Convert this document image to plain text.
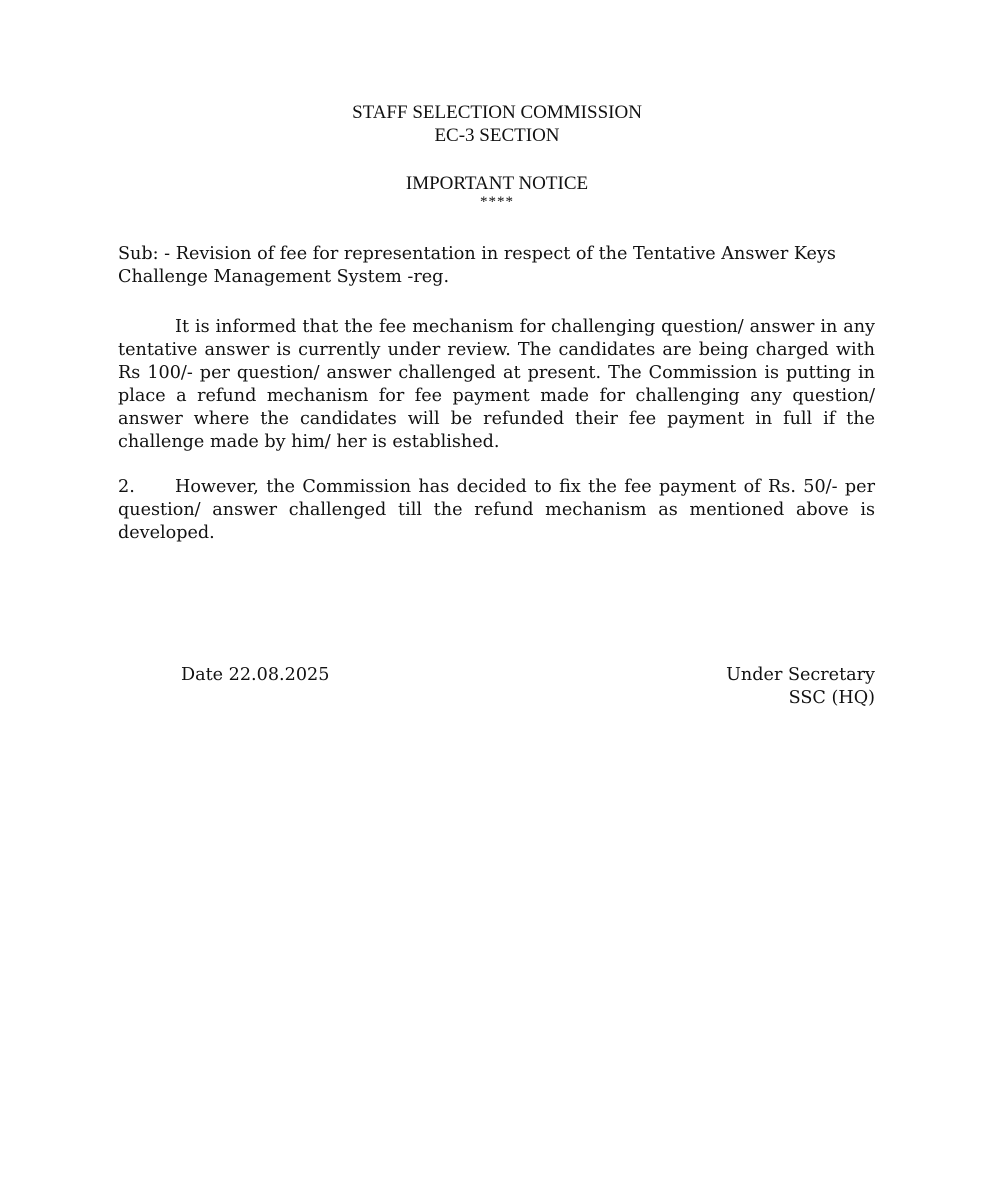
STAFF SELECTION COMMISSION
EC-3 SECTION
IMPORTANT NOTICE
****
Sub: - Revision of fee for representation in respect of the Tentative Answer Keys Challenge Management System -reg.
It is informed that the fee mechanism for challenging question/ answer in any tentative answer is currently under review. The candidates are being charged with Rs 100/- per question/ answer challenged at present. The Commission is putting in place a refund mechanism for fee payment made for challenging any question/ answer where the candidates will be refunded their fee payment in full if the challenge made by him/ her is established.
2. However, the Commission has decided to fix the fee payment of Rs. 50/- per question/ answer challenged till the refund mechanism as mentioned above is developed.
Date 22.08.2025	Under Secretary
SSC (HQ)
